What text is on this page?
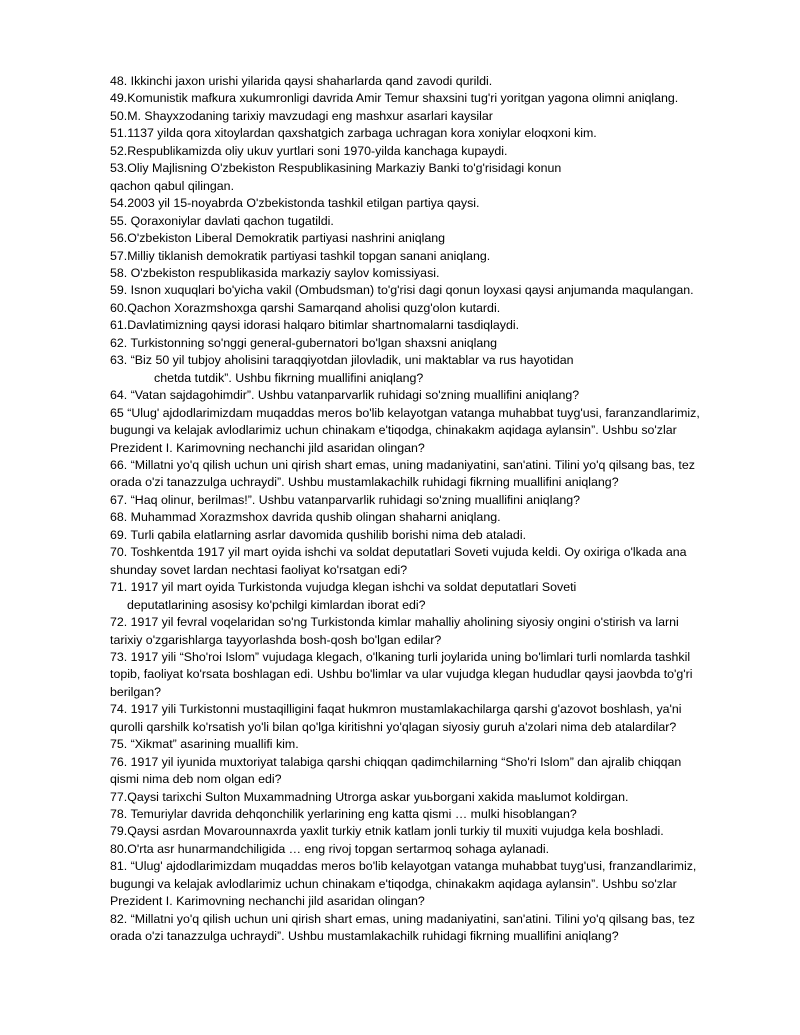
48. Ikkinchi jaxon urishi yilarida qaysi shaharlarda qand zavodi qurildi.
49.Komunistik mafkura xukumronligi davrida Amir Temur shaxsini tug'ri yoritgan yagona olimni aniqlang.
50.M. Shayxzodaning tarixiy mavzudagi eng mashxur asarlari kaysilar
51.1137 yilda qora xitoylardan qaxshatgich zarbaga uchragan kora xoniylar eloqxoni kim.
52.Respublikamizda oliy ukuv yurtlari soni 1970-yilda kanchaga kupaydi.
53.Oliy Majlisning O'zbekiston Respublikasining Markaziy Banki to'g'risidagi konun
qachon qabul qilingan.
54.2003 yil 15-noyabrda O'zbekistonda tashkil etilgan partiya qaysi.
55. Qoraxoniylar davlati qachon tugatildi.
56.O'zbekiston Liberal Demokratik partiyasi nashrini aniqlang
57.Milliy tiklanish demokratik partiyasi tashkil topgan sanani aniqlang.
58. O'zbekiston respublikasida markaziy saylov komissiyasi.
59. Isnon xuquqlari bo'yicha vakil (Ombudsman) to'g'risi dagi qonun loyxasi qaysi anjumanda maqulangan.
60.Qachon Xorazmshoxga qarshi Samarqand aholisi quzg'olon kutardi.
61.Davlatimizning qaysi idorasi halqaro bitimlar shartnomalarni tasdiqlaydi.
62. Turkistonning so'nggi general-gubernatori bo'lgan shaxsni aniqlang
63. “Biz 50 yil tubjoy aholisini taraqqiyotdan jilovladik, uni maktablar va rus hayotidan
chetda tutdik”. Ushbu fikrning muallifini aniqlang?
64. “Vatan sajdagohimdir”. Ushbu vatanparvarlik ruhidagi so'zning muallifini aniqlang?
65 “Ulug' ajdodlarimizdam muqaddas meros bo'lib kelayotgan vatanga muhabbat tuyg'usi, faranzandlarimiz,
bugungi va kelajak avlodlarimiz uchun chinakam e'tiqodga, chinakakm aqidaga aylansin”. Ushbu so'zlar
Prezident I. Karimovning nechanchi jild asaridan olingan?
66. “Millatni yo'q qilish uchun uni qirish shart emas, uning madaniyatini, san'atini. Tilini yo'q qilsang bas, tez
orada o'zi tanazzulga uchraydi”. Ushbu mustamlakachilk ruhidagi fikrning muallifini aniqlang?
67. “Haq olinur, berilmas!”. Ushbu vatanparvarlik ruhidagi so'zning muallifini aniqlang?
68. Muhammad Xorazmshox davrida qushib olingan shaharni aniqlang.
69. Turli qabila elatlarning asrlar davomida qushilib borishi nima deb ataladi.
70. Toshkentda 1917 yil mart oyida ishchi va soldat deputatlari Soveti vujuda keldi. Oy oxiriga o'lkada ana
shunday sovet lardan nechtasi faoliyat ko'rsatgan edi?
71. 1917 yil mart oyida Turkistonda vujudga klegan ishchi va soldat deputatlari Soveti
deputatlarining asosisy ko'pchilgi kimlardan iborat edi?
72. 1917 yil fevral voqelaridan so'ng Turkistonda kimlar mahalliy aholining siyosiy ongini o'stirish va larni
tarixiy o'zgarishlarga tayyorlashda bosh-qosh bo'lgan edilar?
73. 1917 yili “Sho'roi Islom” vujudaga klegach, o'lkaning turli joylarida uning bo'limlari turli nomlarda tashkil
topib, faoliyat ko'rsata boshlagan edi. Ushbu bo'limlar va ular vujudga klegan hududlar qaysi jaovbda to'g'ri
berilgan?
74. 1917 yili Turkistonni mustaqilligini faqat hukmron mustamlakachilarga qarshi g'azovot boshlash, ya'ni
qurolli qarshilk ko'rsatish yo'li bilan qo'lga kiritishni yo'qlagan siyosiy guruh a'zolari nima deb atalardilar?
75. “Xikmat” asarining muallifi kim.
76. 1917 yil iyunida muxtoriyat talabiga qarshi chiqqan qadimchilarning “Sho'ri Islom” dan ajralib chiqqan
qismi nima deb nom olgan edi?
77.Qaysi tarixchi Sulton Muxammadning Utrorga askar yuьborgani xakida maьlumot koldirgan.
78. Temuriylar davrida dehqonchilik yerlarining eng katta qismi … mulki hisoblangan?
79.Qaysi asrdan Movarounnaxrda yaxlit turkiy etnik katlam jonli turkiy til muxiti vujudga kela boshladi.
80.O'rta asr hunarmandchiligida … eng rivoj topgan sertarmoq sohaga aylanadi.
81. “Ulug' ajdodlarimizdam muqaddas meros bo'lib kelayotgan vatanga muhabbat tuyg'usi, franzandlarimiz,
bugungi va kelajak avlodlarimiz uchun chinakam e'tiqodga, chinakakm aqidaga aylansin”. Ushbu so'zlar
Prezident I. Karimovning nechanchi jild asaridan olingan?
82. “Millatni yo'q qilish uchun uni qirish shart emas, uning madaniyatini, san'atini. Tilini yo'q qilsang bas, tez
orada o'zi tanazzulga uchraydi”. Ushbu mustamlakachilk ruhidagi fikrning muallifini aniqlang?
